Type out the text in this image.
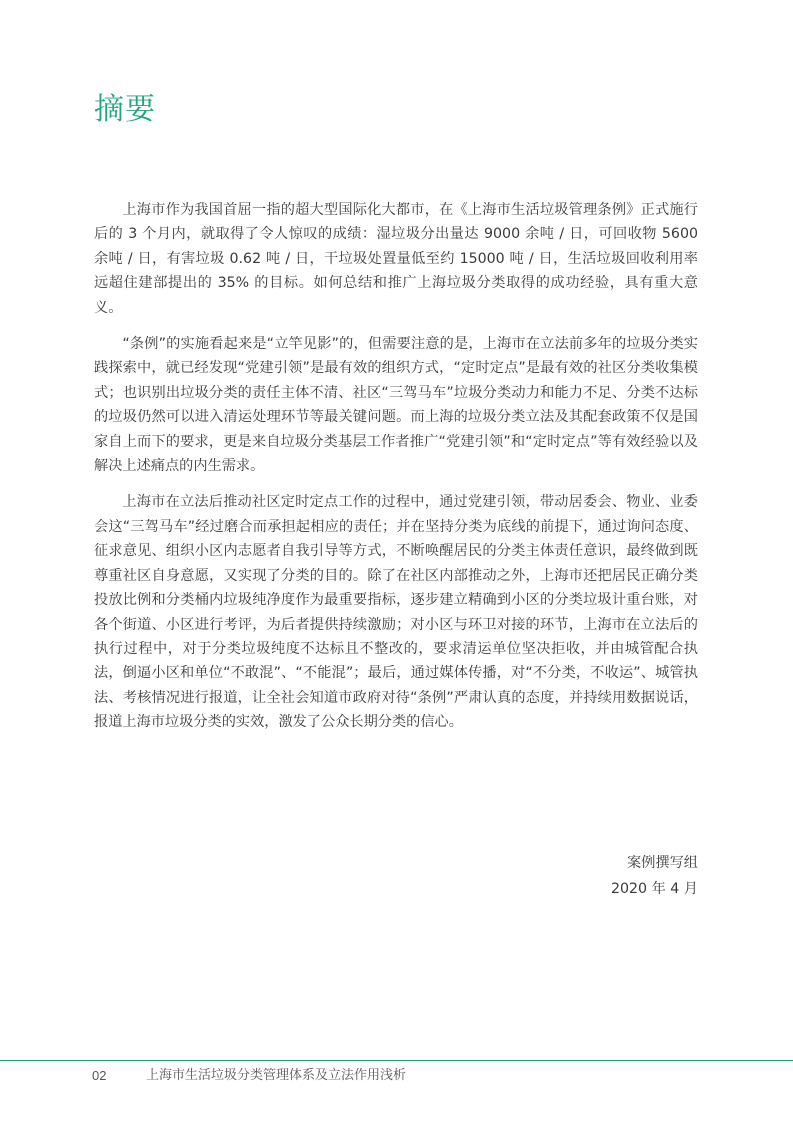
摘要

上海市作为我国首屈一指的超大型国际化大都市，在《上海市生活垃圾管理条例》正式施行后的 3 个月内，就取得了令人惊叹的成绩：湿垃圾分出量达 9000 余吨 / 日，可回收物 5600 余吨 / 日，有害垃圾 0.62 吨 / 日，干垃圾处置量低至约 15000 吨 / 日，生活垃圾回收利用率远超住建部提出的 35% 的目标。如何总结和推广上海垃圾分类取得的成功经验，具有重大意义。

“条例”的实施看起来是“立竿见影”的，但需要注意的是，上海市在立法前多年的垃圾分类实践探索中，就已经发现“党建引领”是最有效的组织方式，“定时定点”是最有效的社区分类收集模式；也识别出垃圾分类的责任主体不清、社区“三驾马车”垃圾分类动力和能力不足、分类不达标的垃圾仍然可以进入清运处理环节等最关键问题。而上海的垃圾分类立法及其配套政策不仅是国家自上而下的要求，更是来自垃圾分类基层工作者推广“党建引领”和“定时定点”等有效经验以及解决上述痛点的内生需求。

上海市在立法后推动社区定时定点工作的过程中，通过党建引领，带动居委会、物业、业委会这“三驾马车”经过磨合而承担起相应的责任；并在坚持分类为底线的前提下，通过询问态度、征求意见、组织小区内志愿者自我引导等方式，不断唤醒居民的分类主体责任意识，最终做到既尊重社区自身意愿，又实现了分类的目的。除了在社区内部推动之外，上海市还把居民正确分类投放比例和分类桶内垃圾纯净度作为最重要指标，逐步建立精确到小区的分类垃圾计重台账，对各个街道、小区进行考评，为后者提供持续激励；对小区与环卫对接的环节，上海市在立法后的执行过程中，对于分类垃圾纯度不达标且不整改的，要求清运单位坚决拒收，并由城管配合执法，倒逼小区和单位“不敢混”、“不能混”；最后，通过媒体传播，对“不分类，不收运”、城管执法、考核情况进行报道，让全社会知道市政府对待“条例”严肃认真的态度，并持续用数据说话，报道上海市垃圾分类的实效，激发了公众长期分类的信心。

案例撰写组
2020 年 4 月
02	上海市生活垃圾分类管理体系及立法作用浅析
